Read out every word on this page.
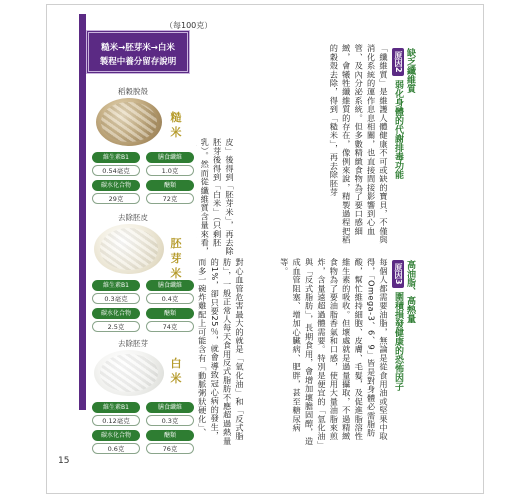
（每100克）
糙米→胚芽米→白米
製程中養分留存說明
稻穀脫殼
糙米
維生素B1
0.54毫克
膳食纖維
1.0克
碳水化合物
29克
醣類
72克
去除胚皮
胚芽米
維生素B1
0.3毫克
膳食纖維
0.4克
碳水化合物
2.5克
醣類
74克
去除胚芽
白米
維生素B1
0.12毫克
膳食纖維
0.3克
碳水化合物
0.6克
醣類
76克
原因2 缺乏纖維質
弱化身體的代謝排毒功能
「纖維質」是維護人體健康不可或缺的寶貝，不僅與消化系統的運作息息相關，也直接間接影響到心血管、及內分泌系統。但多數精緻食物為了要口感細緻，會犧牲纖維質的存在，像例來說，精製過程把稻的穀殼去除，得到「糙米」，再去除胚芽
皮」後得到「胚芽米」，再去除胚芽後得到「白米」（只剩胚乳）。然而從纖維質含量來看，
原因3 高油脂、高熱量
圍積損發健康的恐怖因子
每個人都需要油脂，無論是從食用油或堅果中取得，「Omega-3、6、9」皆是對身體必需脂肪酸，幫忙維持細胞、皮膚、毛髮，及促進脂溶性維生素的吸收。但壞處就是過量攝取，不過精緻食物為了要油脂香氣和口感，使用大量油脂來煎炸，含量遠超過體需要。特別是便宜的「氫化油」與「反式脂肪」，長期食用，會增加壞膽固醇，造成血管阻塞、增加心臟病、肥胖，甚至糖尿病等。
對心血管危害最大的就是「氫化油」和「反式脂肪」，一般正常人每天食用反式脂肪不應超過熱量的1%，卻只要25％，就會導致冠心病的發生，而多一碗炸雞配上可能含有「動脈粥狀硬化」、
15
